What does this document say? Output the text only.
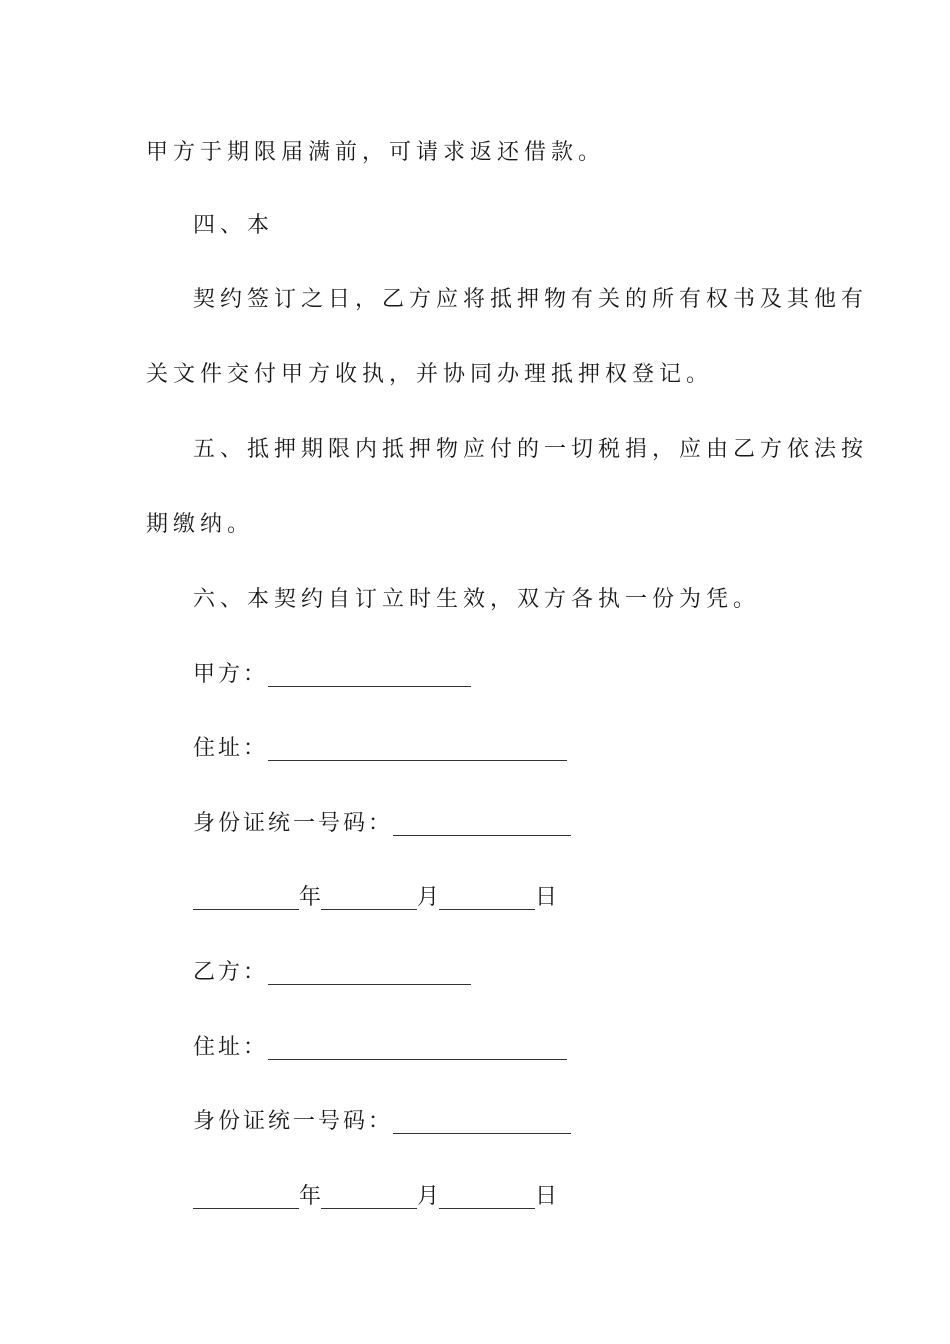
甲方于期限届满前，可请求返还借款。
四、本
契约签订之日，乙方应将抵押物有关的所有权书及其他有
关文件交付甲方收执，并协同办理抵押权登记。
五、抵押期限内抵押物应付的一切税捐，应由乙方依法按
期缴纳。
六、本契约自订立时生效，双方各执一份为凭。
甲方：
住址：
身份证统一号码：
年	月	日
乙方：
住址：
身份证统一号码：
年	月	日
